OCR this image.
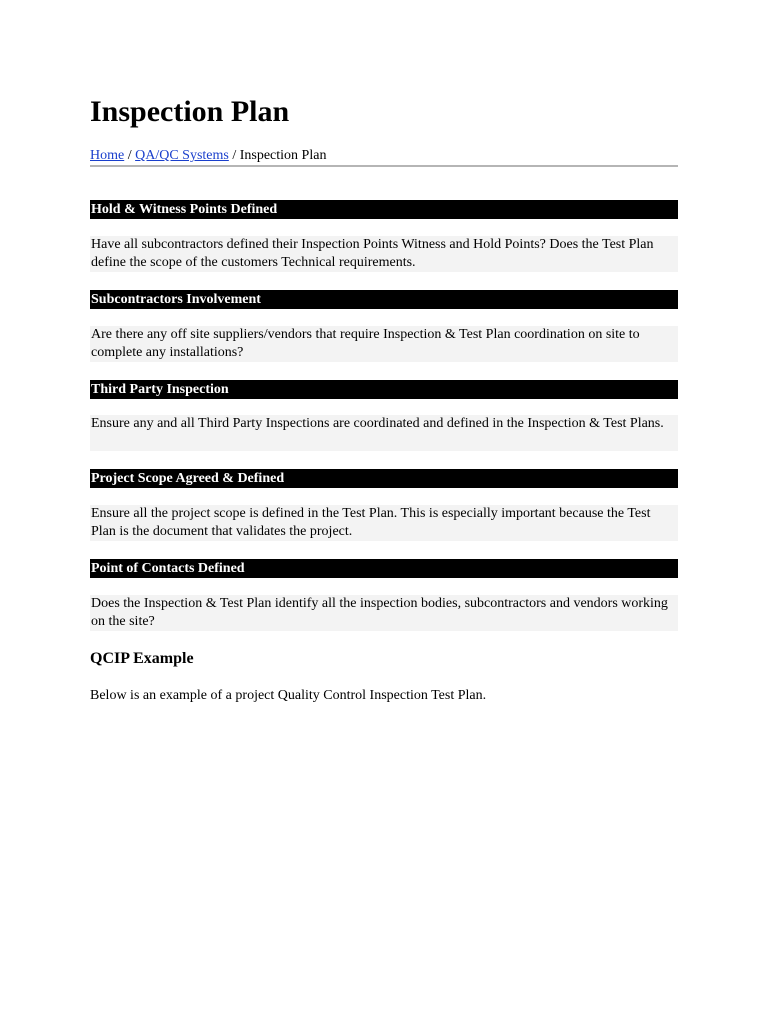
Inspection Plan
Home / QA/QC Systems / Inspection Plan
Hold & Witness Points Defined
Have all subcontractors defined their Inspection Points Witness and Hold Points? Does the Test Plan define the scope of the customers Technical requirements.
Subcontractors Involvement
Are there any off site suppliers/vendors that require Inspection & Test Plan coordination on site to complete any installations?
Third Party Inspection
Ensure any and all Third Party Inspections are coordinated and defined in the Inspection & Test Plans.
Project Scope Agreed & Defined
Ensure all the project scope is defined in the Test Plan. This is especially important because the Test Plan is the document that validates the project.
Point of Contacts Defined
Does the Inspection & Test Plan identify all the inspection bodies, subcontractors and vendors working on the site?
QCIP Example

Below is an example of a project Quality Control Inspection Test Plan.
